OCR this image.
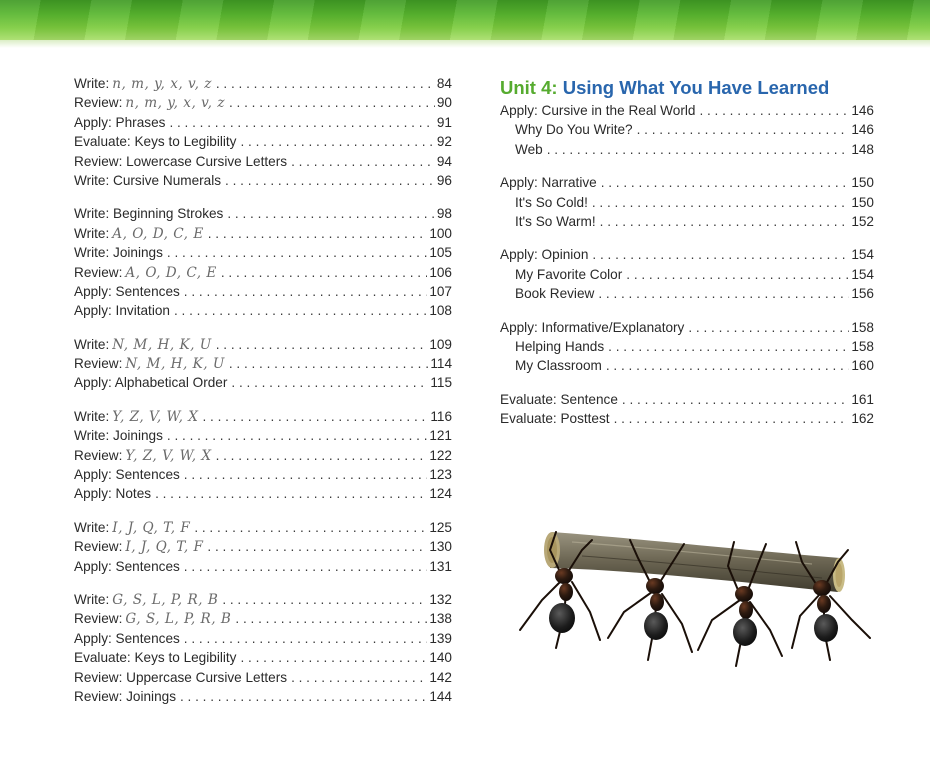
Write: n, m, y, x, v, z . . .	84
Review: n, m, y, x, v, z . . .	90
Apply: Phrases . . .	91
Evaluate: Keys to Legibility . . .	92
Review: Lowercase Cursive Letters . . .	94
Write: Cursive Numerals . . .	96
Write: Beginning Strokes . . .	98
Write: A, O, D, C, E . . .	100
Write: Joinings . . .	105
Review: A, O, D, C, E . . .	106
Apply: Sentences . . .	107
Apply: Invitation . . .	108
Write: N, M, H, K, U . . .	109
Review: N, M, H, K, U . . .	114
Apply: Alphabetical Order . . .	115
Write: Y, Z, V, W, X . . .	116
Write: Joinings . . .	121
Review: Y, Z, V, W, X . . .	122
Apply: Sentences . . .	123
Apply: Notes . . .	124
Write: I, J, Q, T, F . . .	125
Review: I, J, Q, T, F . . .	130
Apply: Sentences . . .	131
Write: G, S, L, P, R, B . . .	132
Review: G, S, L, P, R, B . . .	138
Apply: Sentences . . .	139
Evaluate: Keys to Legibility . . .	140
Review: Uppercase Cursive Letters . . .	142
Review: Joinings . . .	144
Unit 4: Using What You Have Learned
Apply: Cursive in the Real World . . .	146
Why Do You Write? . . .	146
Web . . .	148
Apply: Narrative . . .	150
It's So Cold! . . .	150
It's So Warm! . . .	152
Apply: Opinion . . .	154
My Favorite Color . . .	154
Book Review . . .	156
Apply: Informative/Explanatory . . .	158
Helping Hands . . .	158
My Classroom . . .	160
Evaluate: Sentence . . .	161
Evaluate: Posttest . . .	162
